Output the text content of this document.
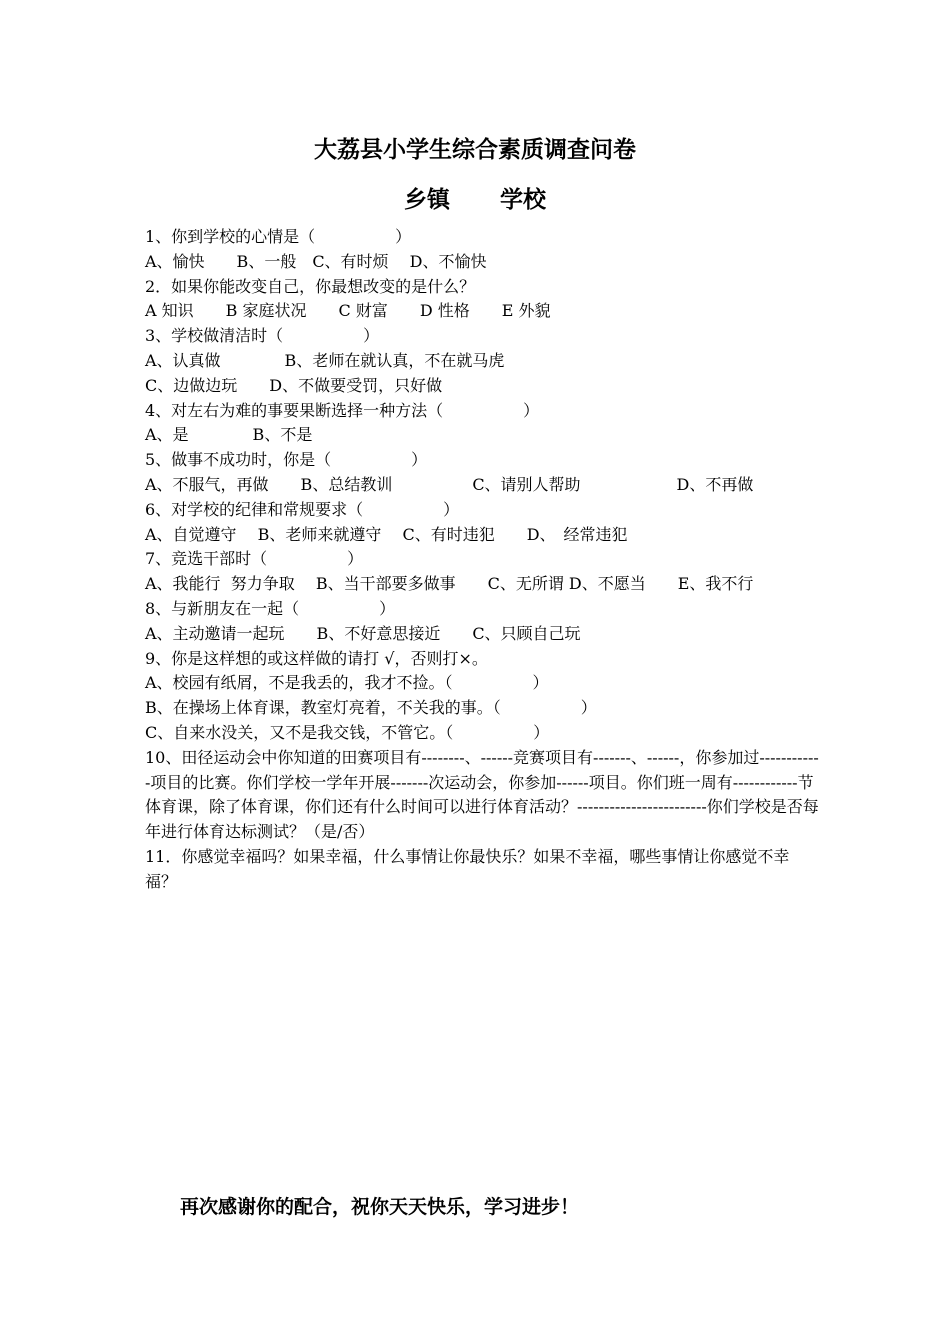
大荔县小学生综合素质调查问卷
乡镇 学校
1、你到学校的心情是（　　　　　）
A、愉快　　B、一般　C、有时烦　 D、不愉快
2．如果你能改变自己，你最想改变的是什么？
A 知识　　B 家庭状况　　C 财富　　D 性格　　E 外貌
3、学校做清洁时（　　　　　）
A、认真做　　　　B、老师在就认真，不在就马虎
C、边做边玩　　D、不做要受罚，只好做
4、对左右为难的事要果断选择一种方法（　　　　　）
A、是　　　　B、不是
5、做事不成功时，你是（　　　　　）
A、不服气，再做　　B、总结教训　　　　　C、请别人帮助　　　　　　D、不再做
6、对学校的纪律和常规要求（　　　　　）
A、自觉遵守　 B、老师来就遵守　 C、有时违犯　　D、　经常违犯
7、竞选干部时（　　　　　）
A、我能行  努力争取　 B、当干部要多做事　　C、无所谓 D、不愿当　　E、我不行
8、与新朋友在一起（　　　　　）
A、主动邀请一起玩　　B、不好意思接近　　C、只顾自己玩
9、你是这样想的或这样做的请打 √，否则打×。
A、校园有纸屑，不是我丢的，我才不捡。（　　　　　）
B、在操场上体育课，教室灯亮着，不关我的事。（　　　　　）
C、自来水没关，又不是我交钱，不管它。（　　　　　）
10、田径运动会中你知道的田赛项目有--------、------竞赛项目有-------、------，你参加过------------项目的比赛。你们学校一学年开展-------次运动会，你参加------项目。你们班一周有------------节体育课，除了体育课，你们还有什么时间可以进行体育活动？------------------------你们学校是否每年进行体育达标测试？（是/否）
11．你感觉幸福吗？如果幸福，什么事情让你最快乐？如果不幸福，哪些事情让你感觉不幸福？
再次感谢你的配合，祝你天天快乐，学习进步！
